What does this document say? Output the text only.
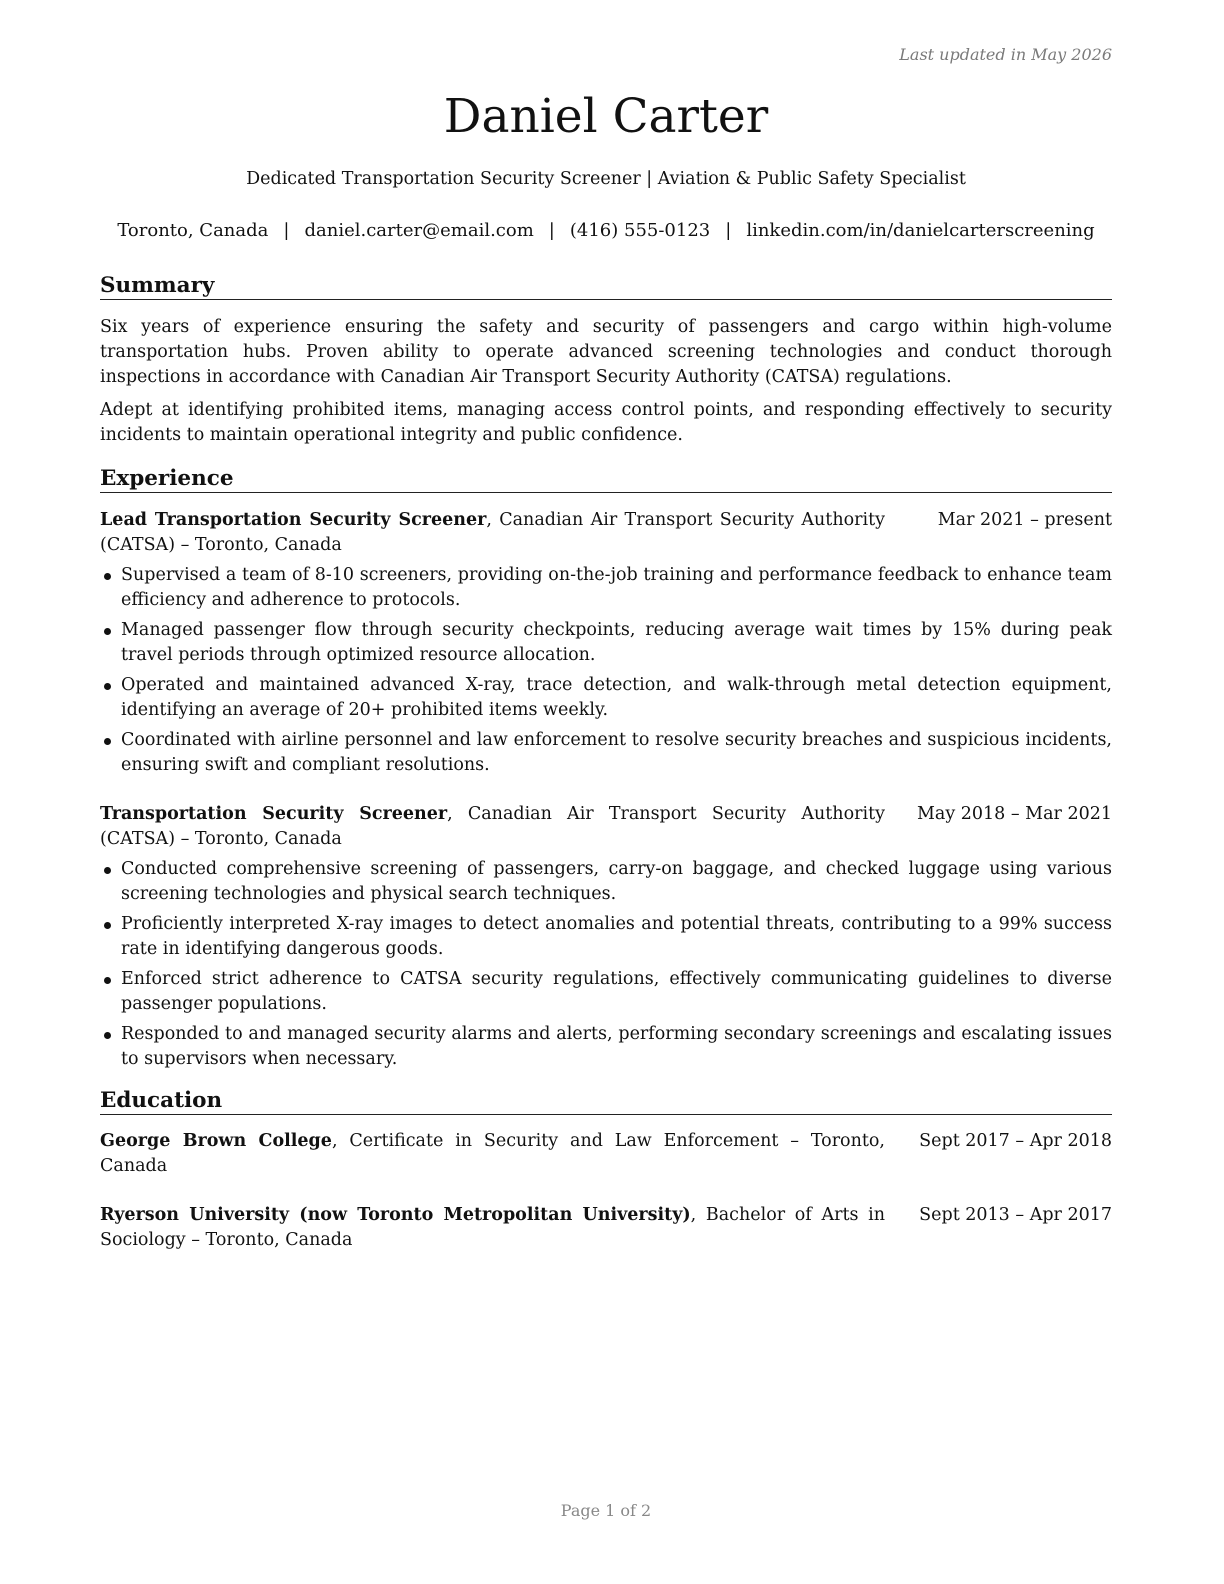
Last updated in May 2026
Daniel Carter
Dedicated Transportation Security Screener | Aviation & Public Safety Specialist
Toronto, Canada | daniel.carter@email.com | (416) 555-0123 | linkedin.com/in/danielcarterscreening
Summary

Six years of experience ensuring the safety and security of passengers and cargo within high-volume transportation hubs. Proven ability to operate advanced screening technologies and conduct thorough inspections in accordance with Canadian Air Transport Security Authority (CATSA) regulations.

Adept at identifying prohibited items, managing access control points, and responding effectively to security incidents to maintain operational integrity and public confidence.

Experience
Lead Transportation Security Screener, Canadian Air Transport Security Authority (CATSA) – Toronto, Canada
Mar 2021 – present
Supervised a team of 8-10 screeners, providing on-the-job training and performance feedback to enhance team efficiency and adherence to protocols.
Managed passenger flow through security checkpoints, reducing average wait times by 15% during peak travel periods through optimized resource allocation.
Operated and maintained advanced X-ray, trace detection, and walk-through metal detection equipment, identifying an average of 20+ prohibited items weekly.
Coordinated with airline personnel and law enforcement to resolve security breaches and suspicious incidents, ensuring swift and compliant resolutions.
Transportation Security Screener, Canadian Air Transport Security Authority (CATSA) – Toronto, Canada
May 2018 – Mar 2021
Conducted comprehensive screening of passengers, carry-on baggage, and checked luggage using various screening technologies and physical search techniques.
Proficiently interpreted X-ray images to detect anomalies and potential threats, contributing to a 99% success rate in identifying dangerous goods.
Enforced strict adherence to CATSA security regulations, effectively communicating guidelines to diverse passenger populations.
Responded to and managed security alarms and alerts, performing secondary screenings and escalating issues to supervisors when necessary.
Education
George Brown College, Certificate in Security and Law Enforcement – Toronto, Canada
Sept 2017 – Apr 2018
Ryerson University (now Toronto Metropolitan University), Bachelor of Arts in Sociology – Toronto, Canada
Sept 2013 – Apr 2017
Page 1 of 2
